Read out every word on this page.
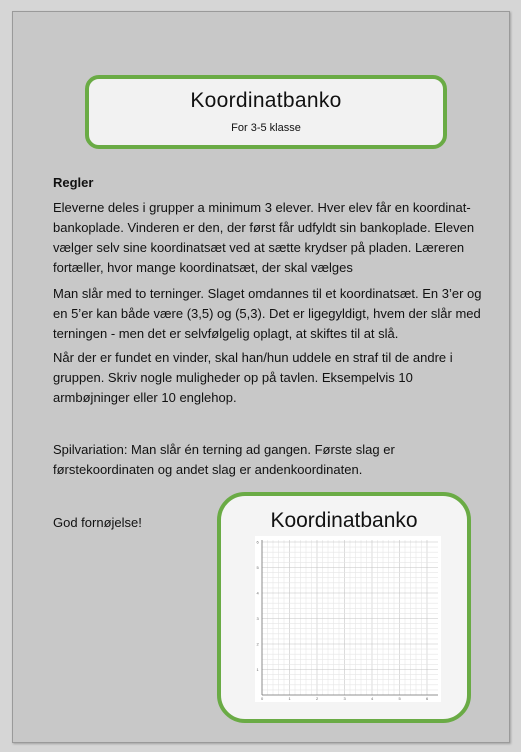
Koordinatbanko
For 3-5 klasse
Regler

Eleverne deles i grupper a minimum 3 elever. Hver elev får en koordinat-bankoplade. Vinderen er den, der først får udfyldt sin bankoplade. Eleven vælger selv sine koordinatsæt ved at sætte krydser på pladen. Læreren fortæller, hvor mange koordinatsæt, der skal vælges

Man slår med to terninger. Slaget omdannes til et koordinatsæt. En 3’er og en 5’er kan både være (3,5) og (5,3). Det er ligegyldigt, hvem der slår med terningen - men det er selvfølgelig oplagt, at skiftes til at slå.

Når der er fundet en vinder, skal han/hun uddele en straf til de andre i gruppen. Skriv nogle muligheder op på tavlen. Eksempelvis 10 armbøjninger eller 10 englehop.

Spilvariation: Man slår én terning ad gangen. Første slag er førstekoordinaten og andet slag er andenkoordinaten.
God fornøjelse!	Koordinatbanko
0	1	2	3	4	5	6
1
2
3
4
5
6
